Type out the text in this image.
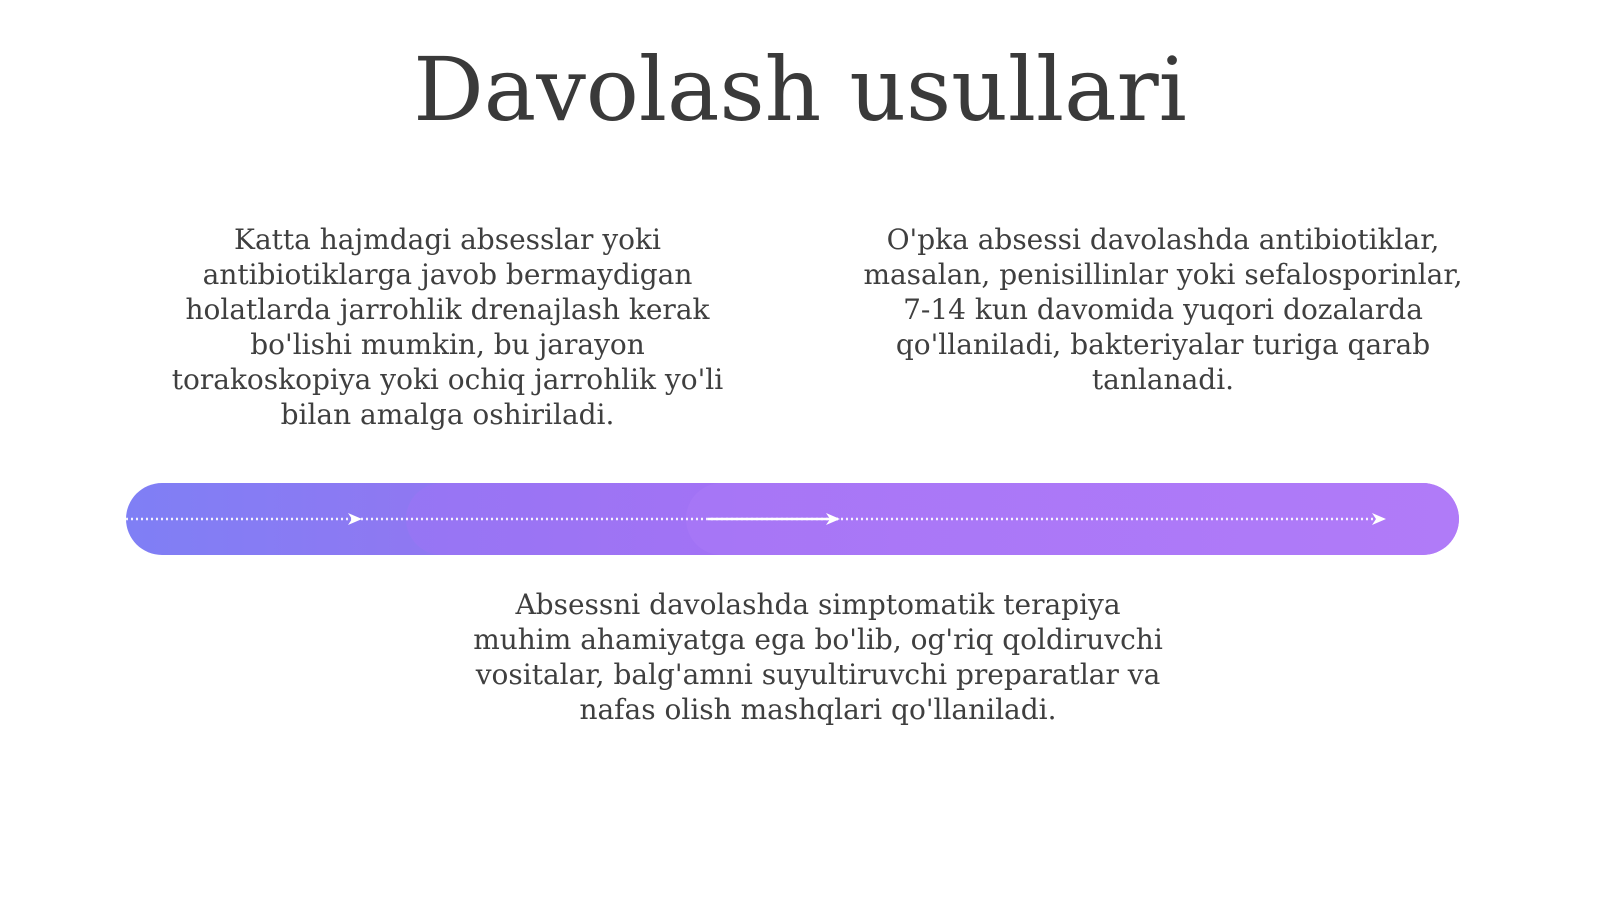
Davolash usullari
Katta hajmdagi absesslar yoki antibiotiklarga javob bermaydigan holatlarda jarrohlik drenajlash kerak bo'lishi mumkin, bu jarayon torakoskopiya yoki ochiq jarrohlik yo'li bilan amalga oshiriladi.
O'pka absessi davolashda antibiotiklar, masalan, penisillinlar yoki sefalosporinlar, 7-14 kun davomida yuqori dozalarda qo'llaniladi, bakteriyalar turiga qarab tanlanadi.
Absessni davolashda simptomatik terapiya muhim ahamiyatga ega bo'lib, og'riq qoldiruvchi vositalar, balg'amni suyultiruvchi preparatlar va nafas olish mashqlari qo'llaniladi.
